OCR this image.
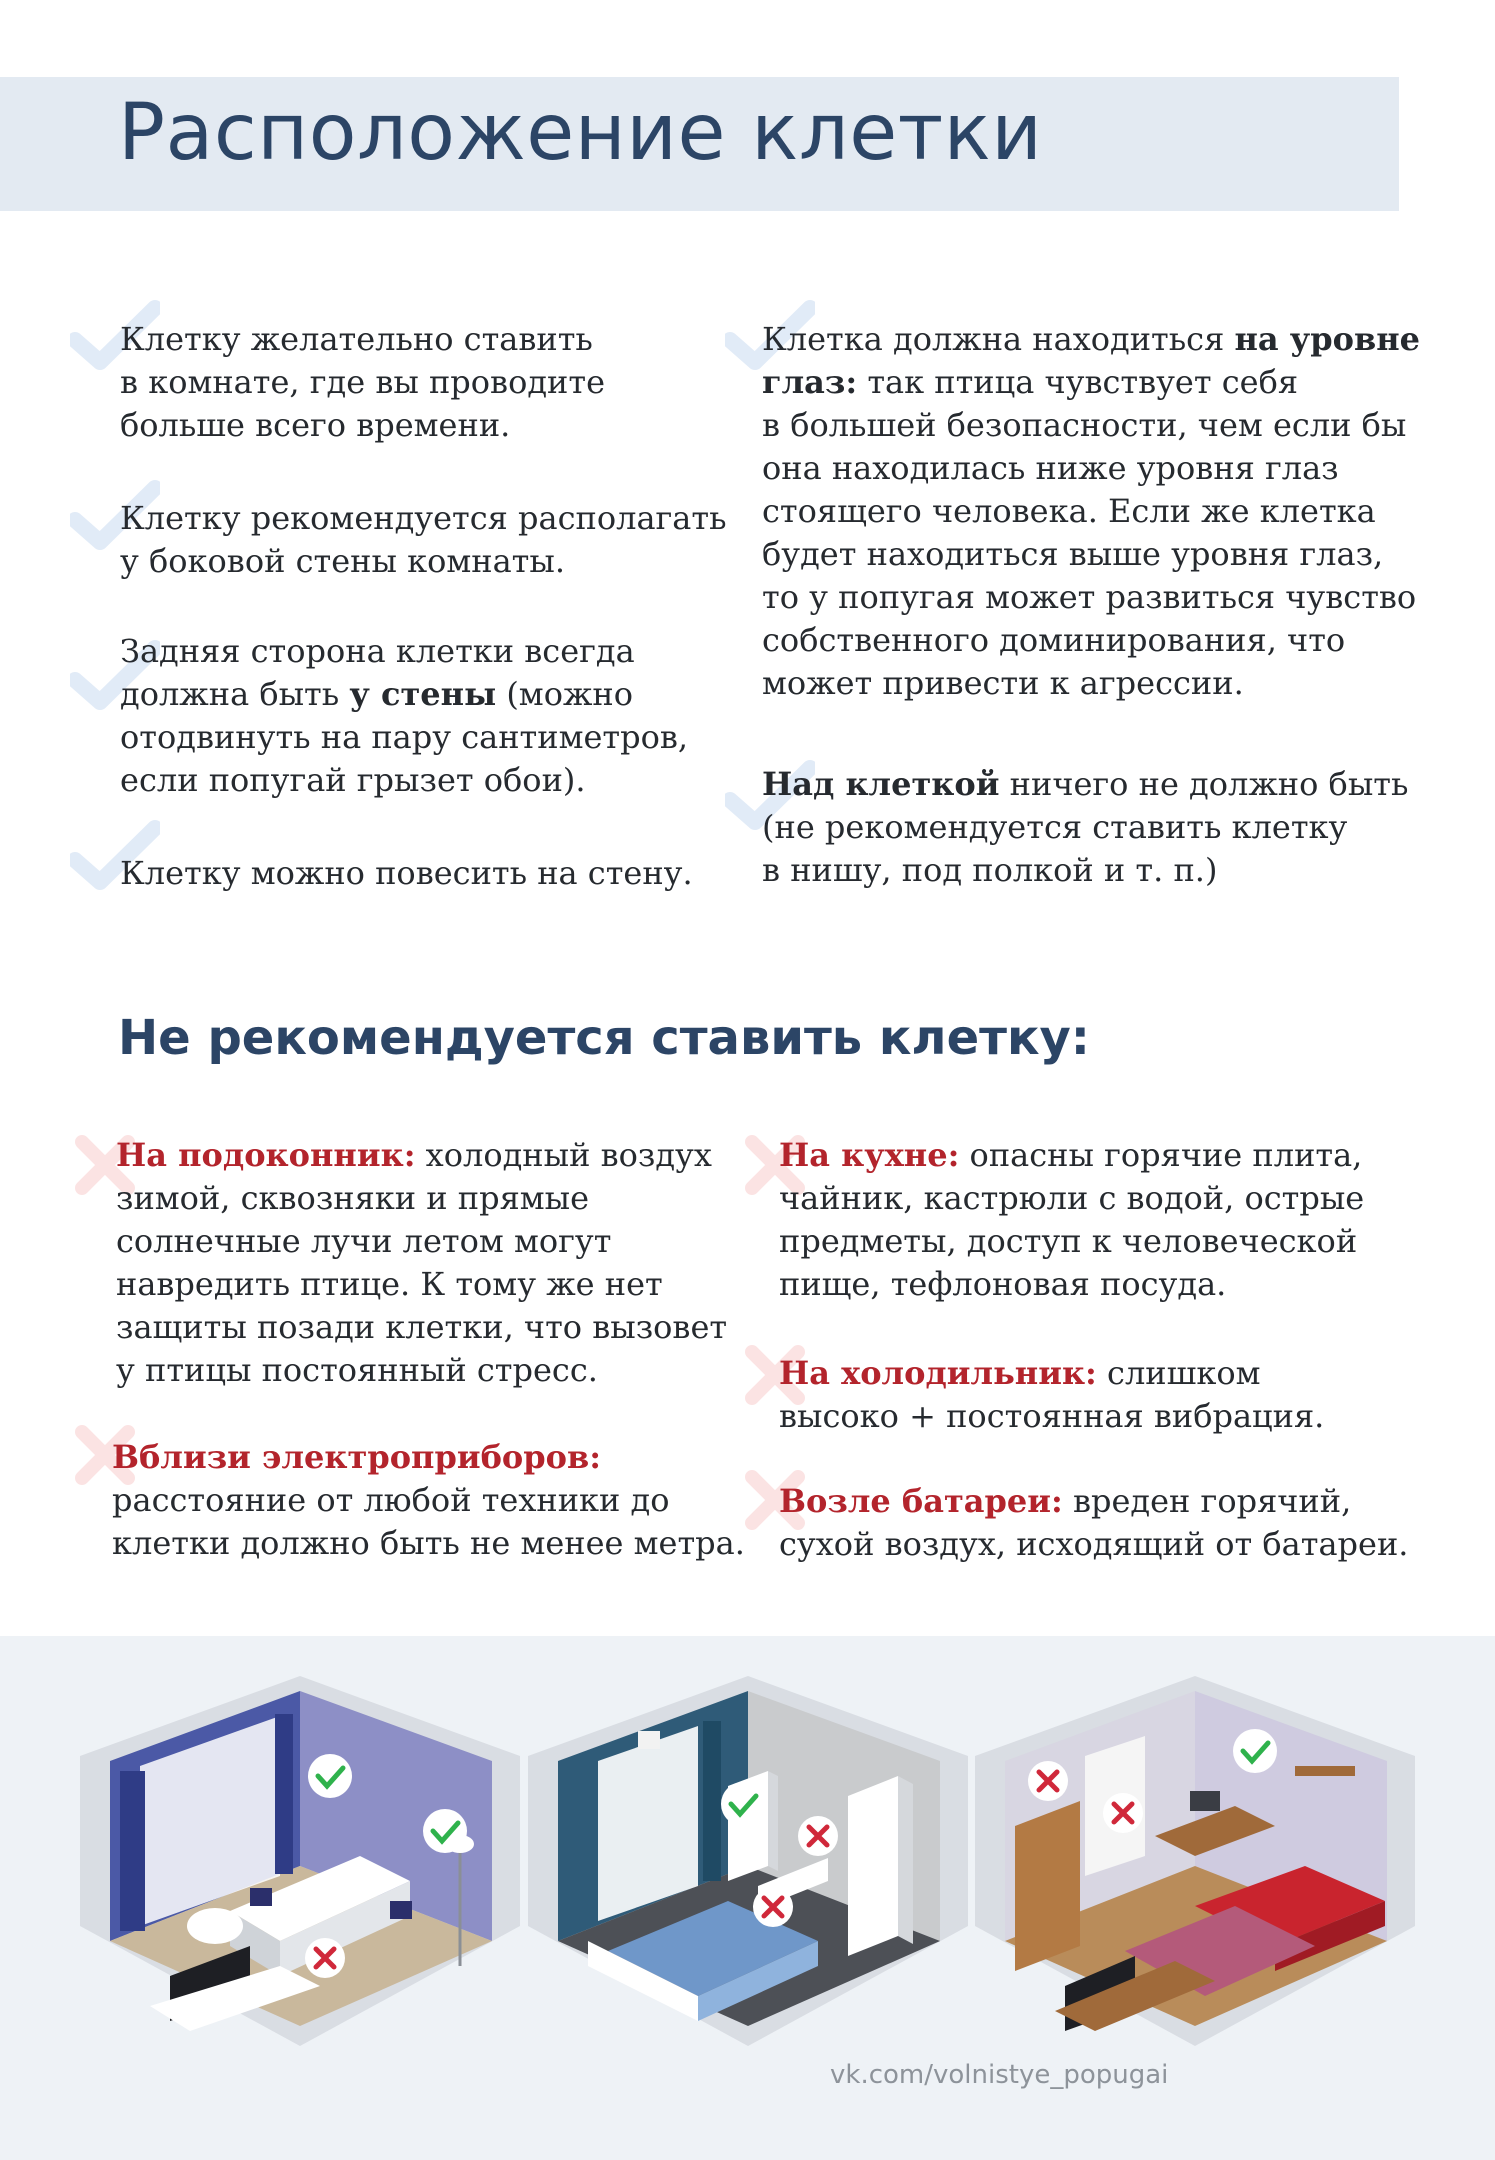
Расположение клетки
Клетку желательно ставить
в комнате, где вы проводите
больше всего времени.
Клетку рекомендуется располагать
у боковой стены комнаты.
Задняя сторона клетки всегда
должна быть у стены (можно
отодвинуть на пару сантиметров,
если попугай грызет обои).
Клетку можно повесить на стену.
Клетка должна находиться на уровне
глаз: так птица чувствует себя
в большей безопасности, чем если бы
она находилась ниже уровня глаз
стоящего человека. Если же клетка
будет находиться выше уровня глаз,
то у попугая может развиться чувство
собственного доминирования, что
может привести к агрессии.
Над клеткой ничего не должно быть
(не рекомендуется ставить клетку
в нишу, под полкой и т. п.)
Не рекомендуется ставить клетку:
На подоконник: холодный воздух
зимой, сквозняки и прямые
солнечные лучи летом могут
навредить птице. К тому же нет
защиты позади клетки, что вызовет
у птицы постоянный стресс.
Вблизи электроприборов:
расстояние от любой техники до
клетки должно быть не менее метра.
На кухне: опасны горячие плита,
чайник, кастрюли с водой, острые
предметы, доступ к человеческой
пище, тефлоновая посуда.
На холодильник: слишком
высоко + постоянная вибрация.
Возле батареи: вреден горячий,
сухой воздух, исходящий от батареи.
vk.com/volnistye_popugai
